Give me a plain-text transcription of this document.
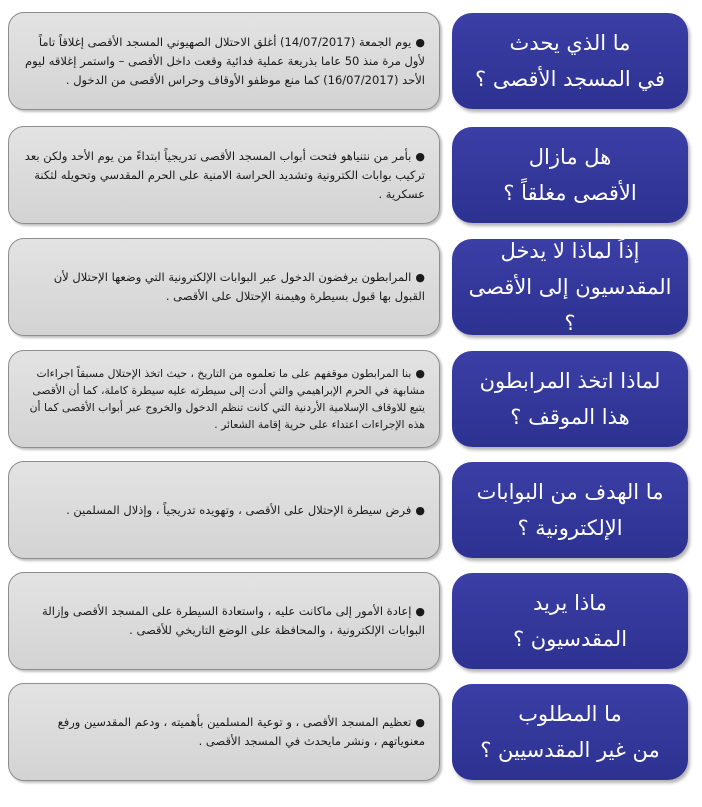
●يوم الجمعة (14/07/2017) أغلق الاحتلال الصهيوني المسجد الأقصى إغلاقاً تاماً لأول مرة منذ 50 عاما بذريعة عملية فدائية وقعت داخل الأقصى – واستمر إغلاقه ليوم الأحد (16/07/2017) كما منع موظفو الأوقاف وحراس الأقصى من الدخول .

ما الذي يحدث
في المسجد الأقصى ؟

●بأمر من نتنياهو فتحت أبواب المسجد الأقصى تدريجياً ابتداءً من يوم الأحد ولكن بعد تركيب بوابات الكترونية وتشديد الحراسة الامنية على الحرم المقدسي وتحويله لثكنة عسكرية .

هل مازال
الأقصى مغلقاً ؟

●المرابطون يرفضون الدخول عبر البوابات الإلكترونية التي وضعها الإحتلال لأن القبول بها قبول بسيطرة وهيمنة الإحتلال على الأقصى .

إذاً لماذا لا يدخل
المقدسيون إلى الأقصى ؟

●بنا المرابطون موقفهم على ما تعلموه من التاريخ ، حيث اتخذ الإحتلال مسبقاً اجراءات مشابهة في الحرم الإبراهيمي والتي أدت إلى سيطرته عليه سيطرة كاملة، كما أن الأقصى يتبع للاوقاف الإسلامية الأردنية التي كانت تنظم الدخول والخروج عبر أبواب الأقصى كما أن هذه الإجراءات اعتداء على حرية إقامة الشعائر .

لماذا اتخذ المرابطون
هذا الموقف ؟

●فرض سيطرة الإحتلال على الأقصى ، وتهويده تدريجياً ، وإذلال المسلمين .

ما الهدف من البوابات
الإلكترونية ؟

●إعادة الأمور إلى ماكانت عليه ، واستعادة السيطرة على المسجد الأقصى وإزالة البوابات الإلكترونية ، والمحافظة على الوضع التاريخي للأقصى .

ماذا يريد
المقدسيون ؟

●تعظيم المسجد الأقصى ، و توعية المسلمين بأهميته ، ودعم المقدسين ورفع معنوياتهم ، ونشر مايحدث في المسجد الأقصى .

ما المطلوب
من غير المقدسيين ؟
